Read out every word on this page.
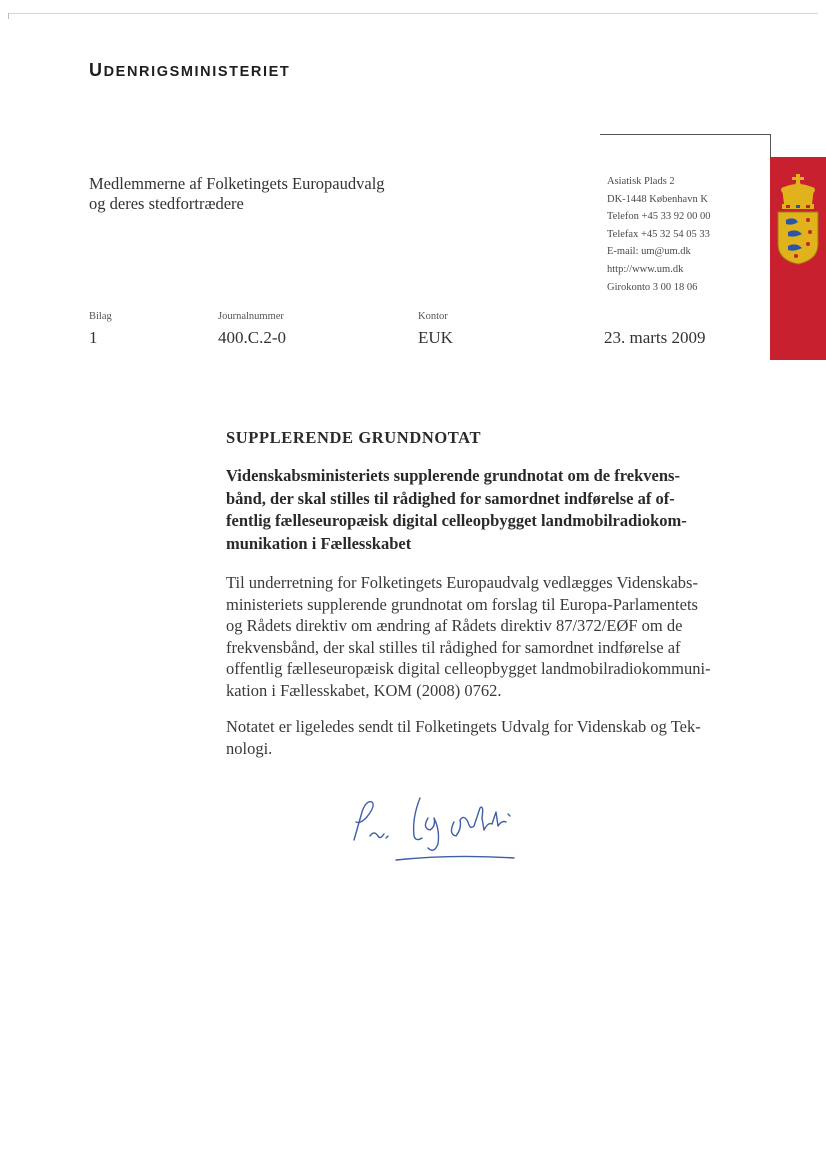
UDENRIGSMINISTERIET
Medlemmerne af Folketingets Europaudvalg
og deres stedfortrædere
Asiatisk Plads 2
DK-1448 København K
Telefon +45 33 92 00 00
Telefax +45 32 54 05 33
E-mail: um@um.dk
http://www.um.dk
Girokonto 3 00 18 06
Bilag
1
Journalnummer
400.C.2-0
Kontor
EUK	23. marts 2009
SUPPLERENDE GRUNDNOTAT
Videnskabsministeriets supplerende grundnotat om de frekvens-
bånd, der skal stilles til rådighed for samordnet indførelse af of-
fentlig fælleseuropæisk digital celleopbygget landmobilradiokom-
munikation i Fællesskabet
Til underretning for Folketingets Europaudvalg vedlægges Videnskabs-
ministeriets supplerende grundnotat om forslag til Europa-Parlamentets
og Rådets direktiv om ændring af Rådets direktiv 87/372/EØF om de
frekvensbånd, der skal stilles til rådighed for samordnet indførelse af
offentlig fælleseuropæisk digital celleopbygget landmobilradiokommuni-
kation i Fællesskabet, KOM (2008) 0762.
Notatet er ligeledes sendt til Folketingets Udvalg for Videnskab og Tek-
nologi.
